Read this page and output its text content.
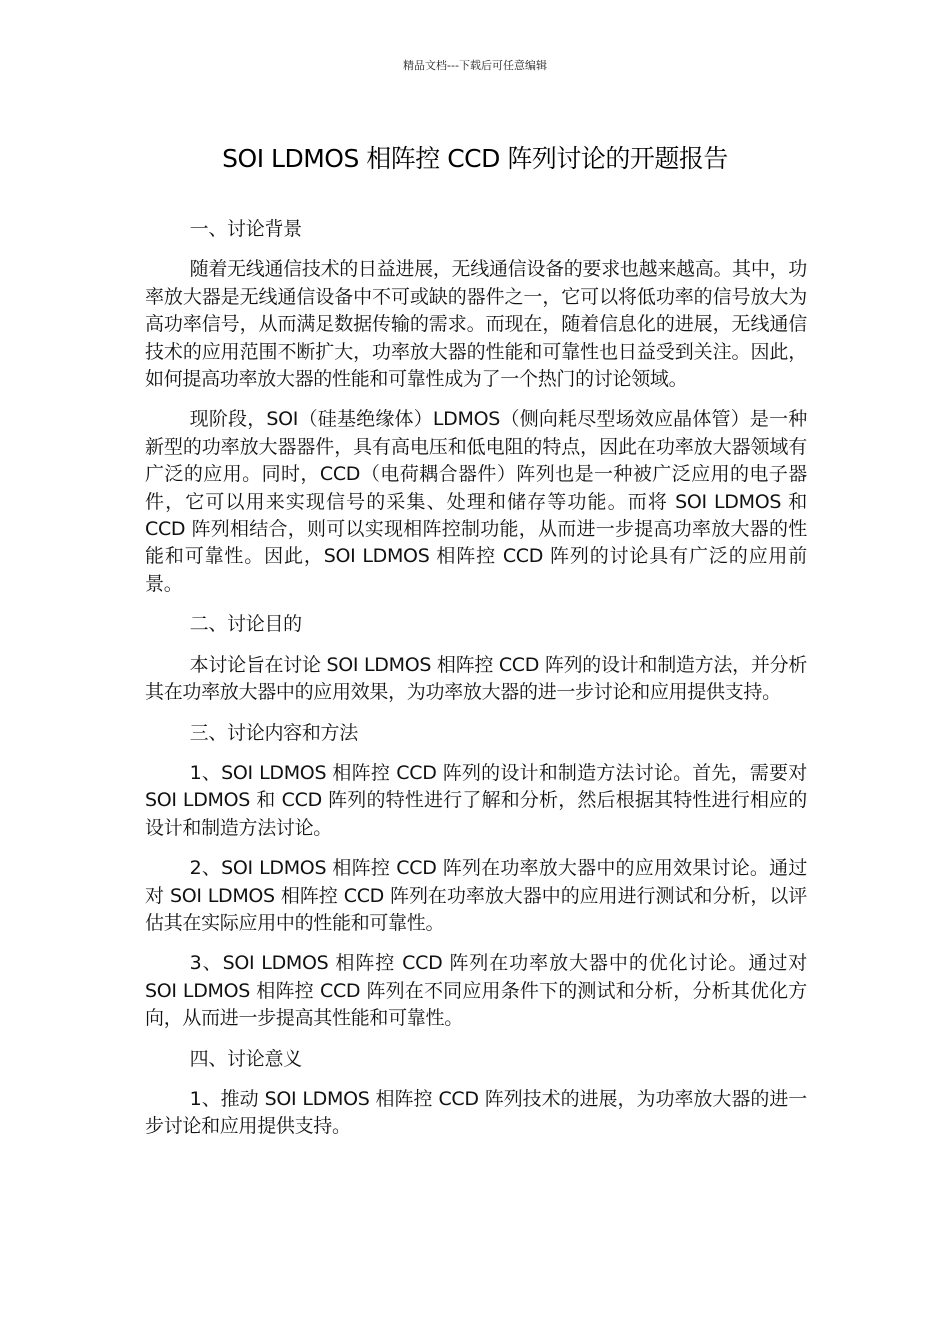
精品文档---下载后可任意编辑
SOI LDMOS 相阵控 CCD 阵列讨论的开题报告

一、讨论背景

随着无线通信技术的日益进展，无线通信设备的要求也越来越高。其中，功率放大器是无线通信设备中不可或缺的器件之一，它可以将低功率的信号放大为高功率信号，从而满足数据传输的需求。而现在，随着信息化的进展，无线通信技术的应用范围不断扩大，功率放大器的性能和可靠性也日益受到关注。因此，如何提高功率放大器的性能和可靠性成为了一个热门的讨论领域。

现阶段，SOI（硅基绝缘体）LDMOS（侧向耗尽型场效应晶体管）是一种新型的功率放大器器件，具有高电压和低电阻的特点，因此在功率放大器领域有广泛的应用。同时，CCD（电荷耦合器件）阵列也是一种被广泛应用的电子器件，它可以用来实现信号的采集、处理和储存等功能。而将 SOI LDMOS 和 CCD 阵列相结合，则可以实现相阵控制功能，从而进一步提高功率放大器的性能和可靠性。因此，SOI LDMOS 相阵控 CCD 阵列的讨论具有广泛的应用前景。

二、讨论目的

本讨论旨在讨论 SOI LDMOS 相阵控 CCD 阵列的设计和制造方法，并分析其在功率放大器中的应用效果，为功率放大器的进一步讨论和应用提供支持。

三、讨论内容和方法

1、SOI LDMOS 相阵控 CCD 阵列的设计和制造方法讨论。首先，需要对 SOI LDMOS 和 CCD 阵列的特性进行了解和分析，然后根据其特性进行相应的设计和制造方法讨论。

2、SOI LDMOS 相阵控 CCD 阵列在功率放大器中的应用效果讨论。通过对 SOI LDMOS 相阵控 CCD 阵列在功率放大器中的应用进行测试和分析，以评估其在实际应用中的性能和可靠性。

3、SOI LDMOS 相阵控 CCD 阵列在功率放大器中的优化讨论。通过对 SOI LDMOS 相阵控 CCD 阵列在不同应用条件下的测试和分析，分析其优化方向，从而进一步提高其性能和可靠性。

四、讨论意义

1、推动 SOI LDMOS 相阵控 CCD 阵列技术的进展，为功率放大器的进一步讨论和应用提供支持。
